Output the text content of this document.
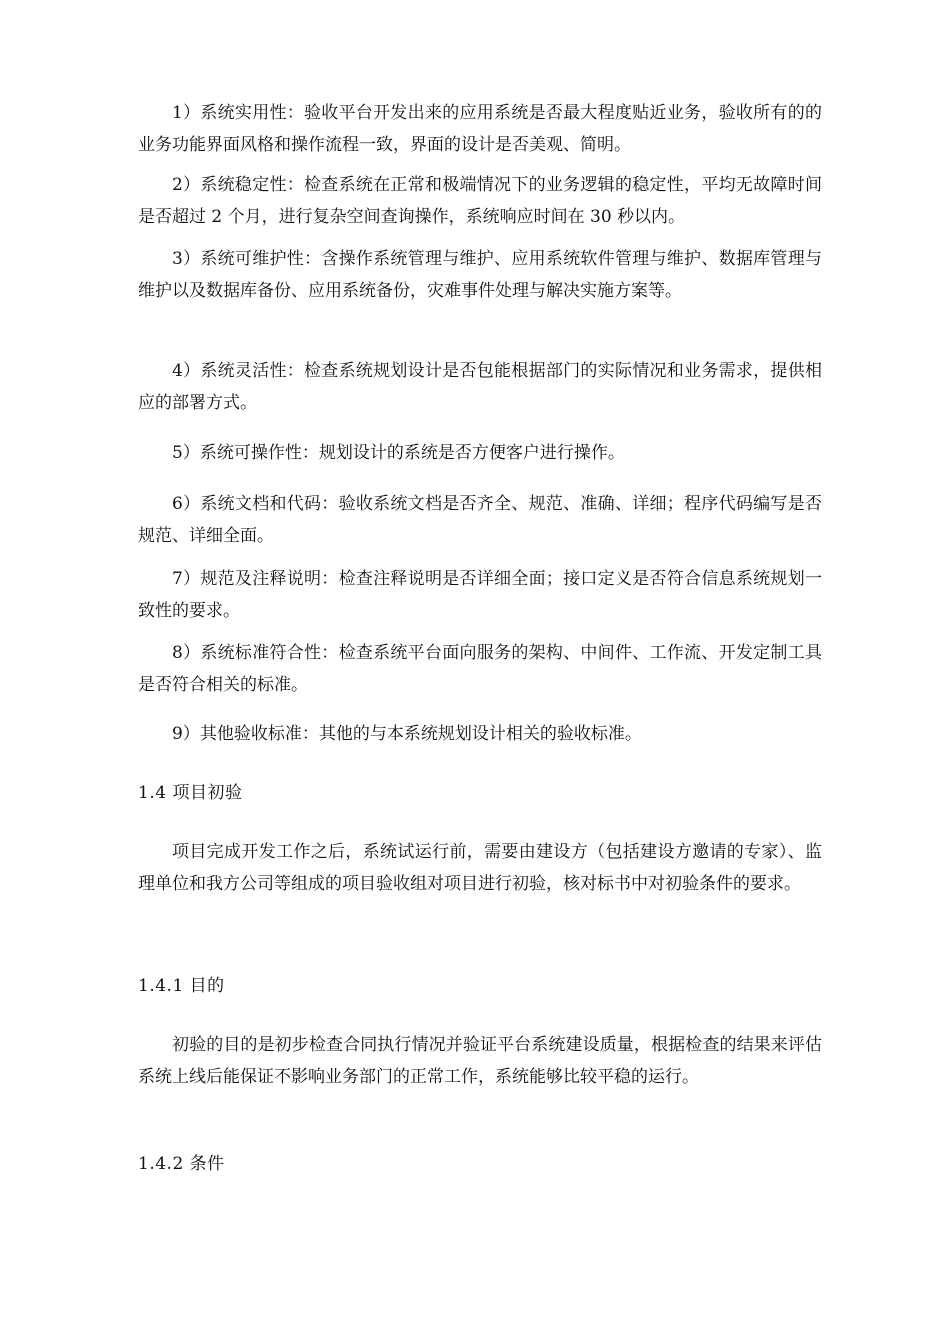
1）系统实用性：验收平台开发出来的应用系统是否最大程度贴近业务，验收所有的的业务功能界面风格和操作流程一致，界面的设计是否美观、简明。

2）系统稳定性：检查系统在正常和极端情况下的业务逻辑的稳定性，平均无故障时间是否超过 2 个月，进行复杂空间查询操作，系统响应时间在 30 秒以内。

3）系统可维护性：含操作系统管理与维护、应用系统软件管理与维护、数据库管理与维护以及数据库备份、应用系统备份，灾难事件处理与解决实施方案等。

4）系统灵活性：检查系统规划设计是否包能根据部门的实际情况和业务需求，提供相应的部署方式。

5）系统可操作性：规划设计的系统是否方便客户进行操作。

6）系统文档和代码：验收系统文档是否齐全、规范、准确、详细；程序代码编写是否规范、详细全面。

7）规范及注释说明：检查注释说明是否详细全面；接口定义是否符合信息系统规划一致性的要求。

8）系统标准符合性：检查系统平台面向服务的架构、中间件、工作流、开发定制工具是否符合相关的标准。

9）其他验收标准：其他的与本系统规划设计相关的验收标准。

1.4 项目初验

项目完成开发工作之后，系统试运行前，需要由建设方（包括建设方邀请的专家）、监理单位和我方公司等组成的项目验收组对项目进行初验，核对标书中对初验条件的要求。

1.4.1 目的

初验的目的是初步检查合同执行情况并验证平台系统建设质量，根据检查的结果来评估系统上线后能保证不影响业务部门的正常工作，系统能够比较平稳的运行。

1.4.2 条件
